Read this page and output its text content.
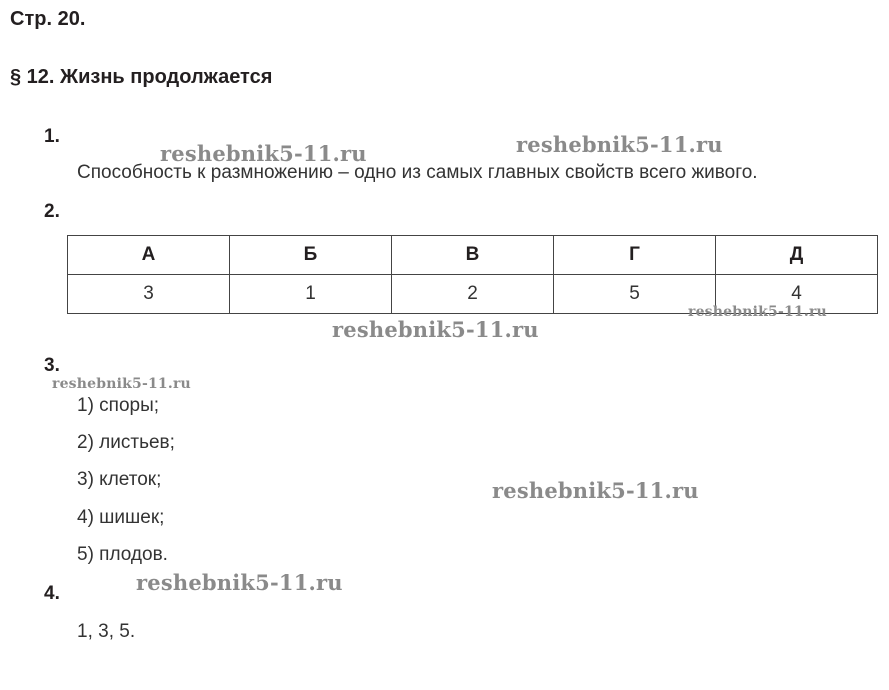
Стр. 20.
§ 12. Жизнь продолжается
1.
Способность к размножению – одно из самых главных свойств всего живого.
2.
А	Б	В	Г	Д
3	1	2	5	4
3.
1) споры;
2) листьев;
3) клеток;
4) шишек;
5) плодов.
4.
1, 3, 5.
reshebnik5-11.ru	reshebnik5-11.ru
reshebnik5-11.ru
reshebnik5-11.ru
reshebnik5-11.ru
reshebnik5-11.ru
reshebnik5-11.ru
